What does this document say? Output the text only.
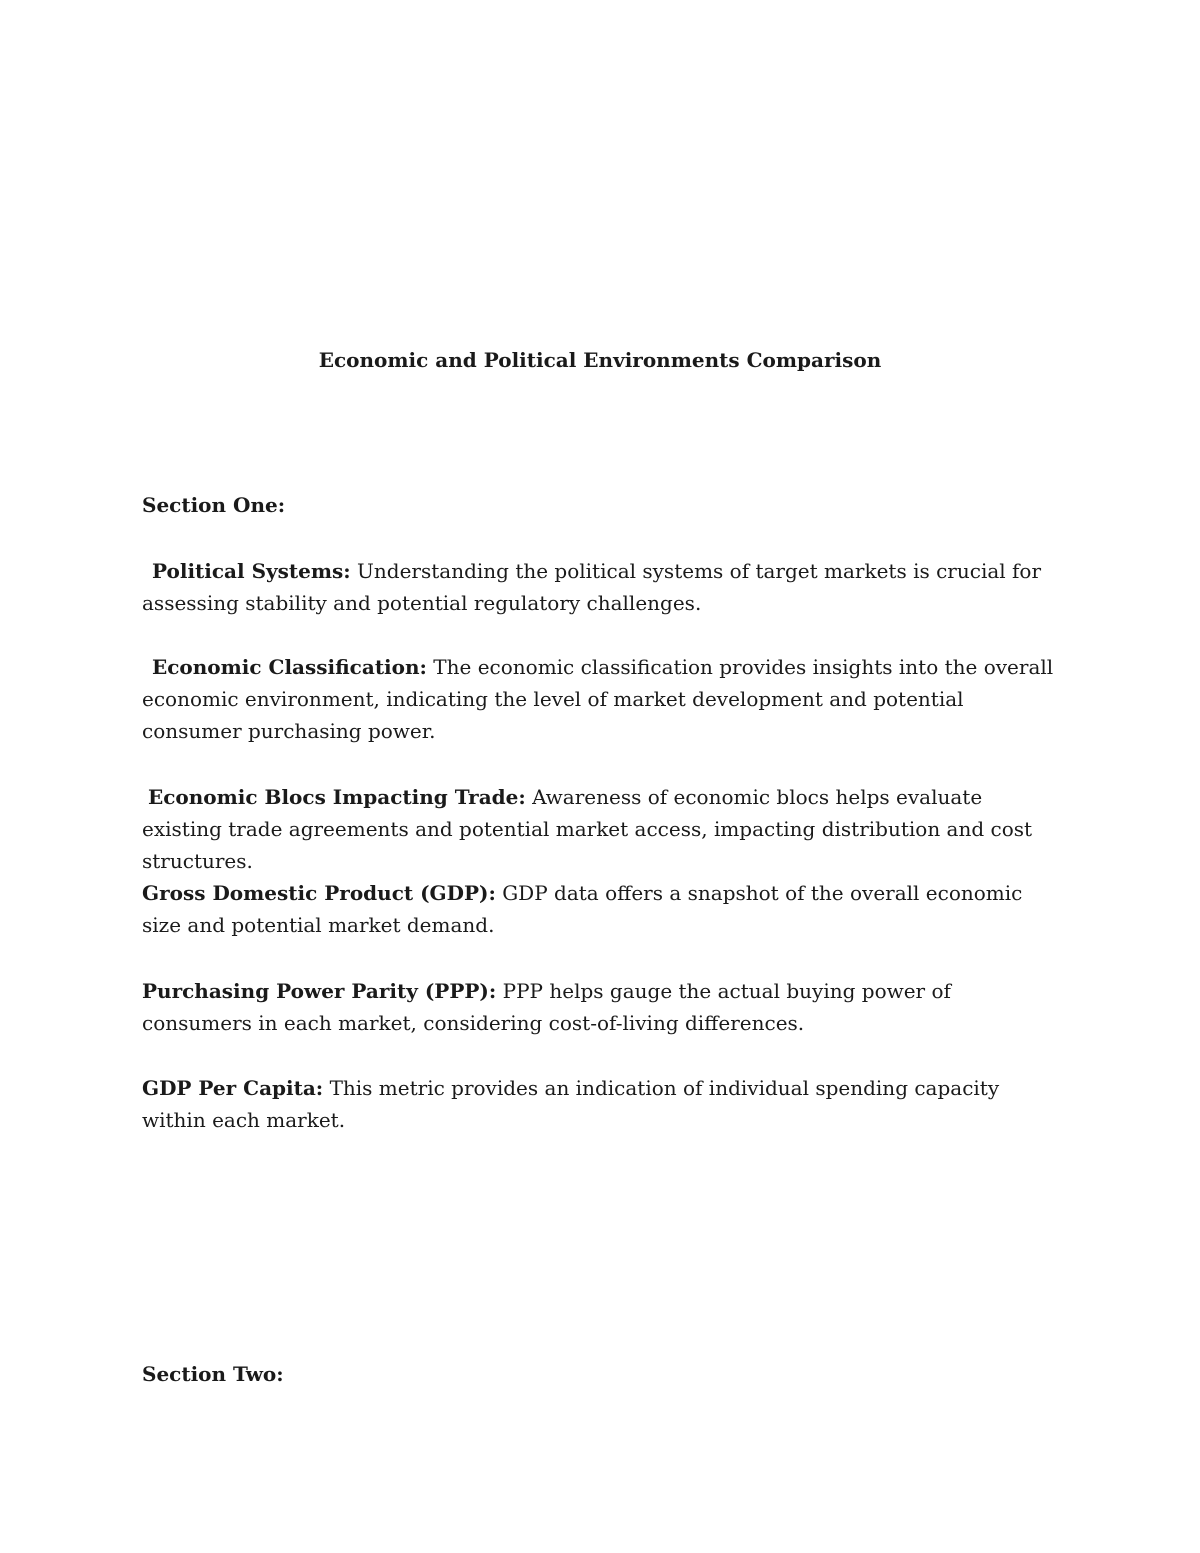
Economic and Political Environments Comparison
Section One:

Political Systems: Understanding the political systems of target markets is crucial for assessing stability and potential regulatory challenges.

Economic Classification: The economic classification provides insights into the overall economic environment, indicating the level of market development and potential consumer purchasing power.

Economic Blocs Impacting Trade: Awareness of economic blocs helps evaluate existing trade agreements and potential market access, impacting distribution and cost structures.

Gross Domestic Product (GDP): GDP data offers a snapshot of the overall economic size and potential market demand.

Purchasing Power Parity (PPP): PPP helps gauge the actual buying power of consumers in each market, considering cost-of-living differences.

GDP Per Capita: This metric provides an indication of individual spending capacity within each market.

Section Two:
